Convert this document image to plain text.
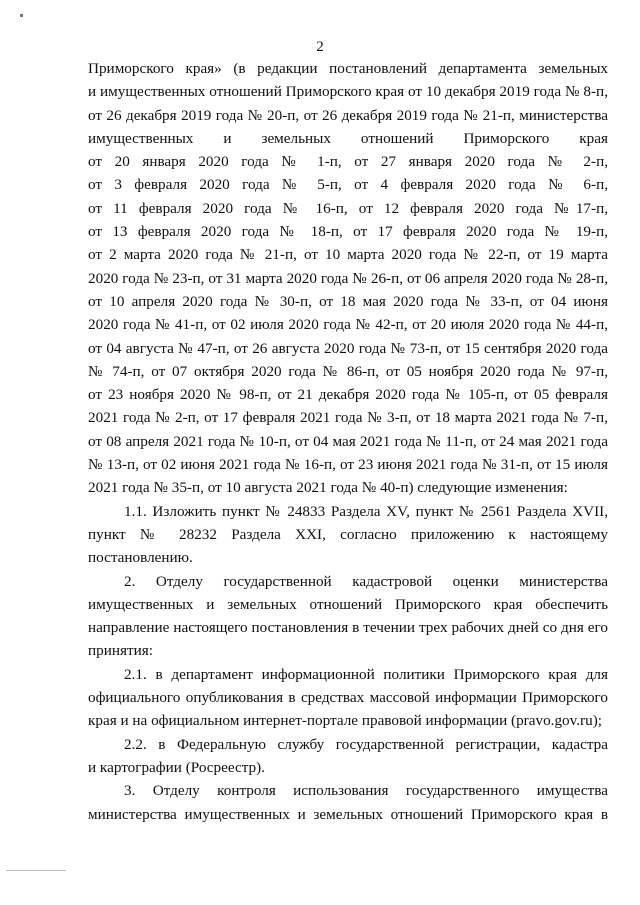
2
Приморского края» (в редакции постановлений департамента земельных
и имущественных отношений Приморского края от 10 декабря 2019 года № 8-п,
от 26 декабря 2019 года № 20-п, от 26 декабря 2019 года № 21-п, министерства
имущественных и земельных отношений Приморского края
от 20 января 2020 года № 1-п, от 27 января 2020 года № 2-п,
от 3 февраля 2020 года № 5-п, от 4 февраля 2020 года № 6-п,
от 11 февраля 2020 года № 16-п, от 12 февраля 2020 года №17-п,
от 13 февраля 2020 года № 18-п, от 17 февраля 2020 года № 19-п,
от 2 марта 2020 года № 21-п, от 10 марта 2020 года № 22-п, от 19 марта
2020 года № 23-п, от 31 марта 2020 года № 26-п, от 06 апреля 2020 года № 28-п,
от 10 апреля 2020 года № 30-п, от 18 мая 2020 года № 33-п, от 04 июня
2020 года № 41-п, от 02 июля 2020 года № 42-п, от 20 июля 2020 года № 44-п,
от 04 августа № 47-п, от 26 августа 2020 года № 73-п, от 15 сентября 2020 года
№ 74-п, от 07 октября 2020 года № 86-п, от 05 ноября 2020 года № 97-п,
от 23 ноября 2020 № 98-п, от 21 декабря 2020 года № 105-п, от 05 февраля
2021 года № 2-п, от 17 февраля 2021 года № 3-п, от 18 марта 2021 года № 7-п,
от 08 апреля 2021 года № 10-п, от 04 мая 2021 года № 11-п, от 24 мая 2021 года
№ 13-п, от 02 июня 2021 года № 16-п, от 23 июня 2021 года № 31-п, от 15 июля
2021 года № 35-п, от 10 августа 2021 года № 40-п) следующие изменения:
1.1. Изложить пункт № 24833 Раздела XV, пункт № 2561 Раздела XVII,
пункт № 28232 Раздела XXI, согласно приложению к настоящему
постановлению.
2. Отделу государственной кадастровой оценки министерства
имущественных и земельных отношений Приморского края обеспечить
направление настоящего постановления в течении трех рабочих дней со дня его
принятия:
2.1. в департамент информационной политики Приморского края для
официального опубликования в средствах массовой информации Приморского
края и на официальном интернет-портале правовой информации (pravo.gov.ru);
2.2. в Федеральную службу государственной регистрации, кадастра
и картографии (Росреестр).
3. Отделу контроля использования государственного имущества
министерства имущественных и земельных отношений Приморского края в
